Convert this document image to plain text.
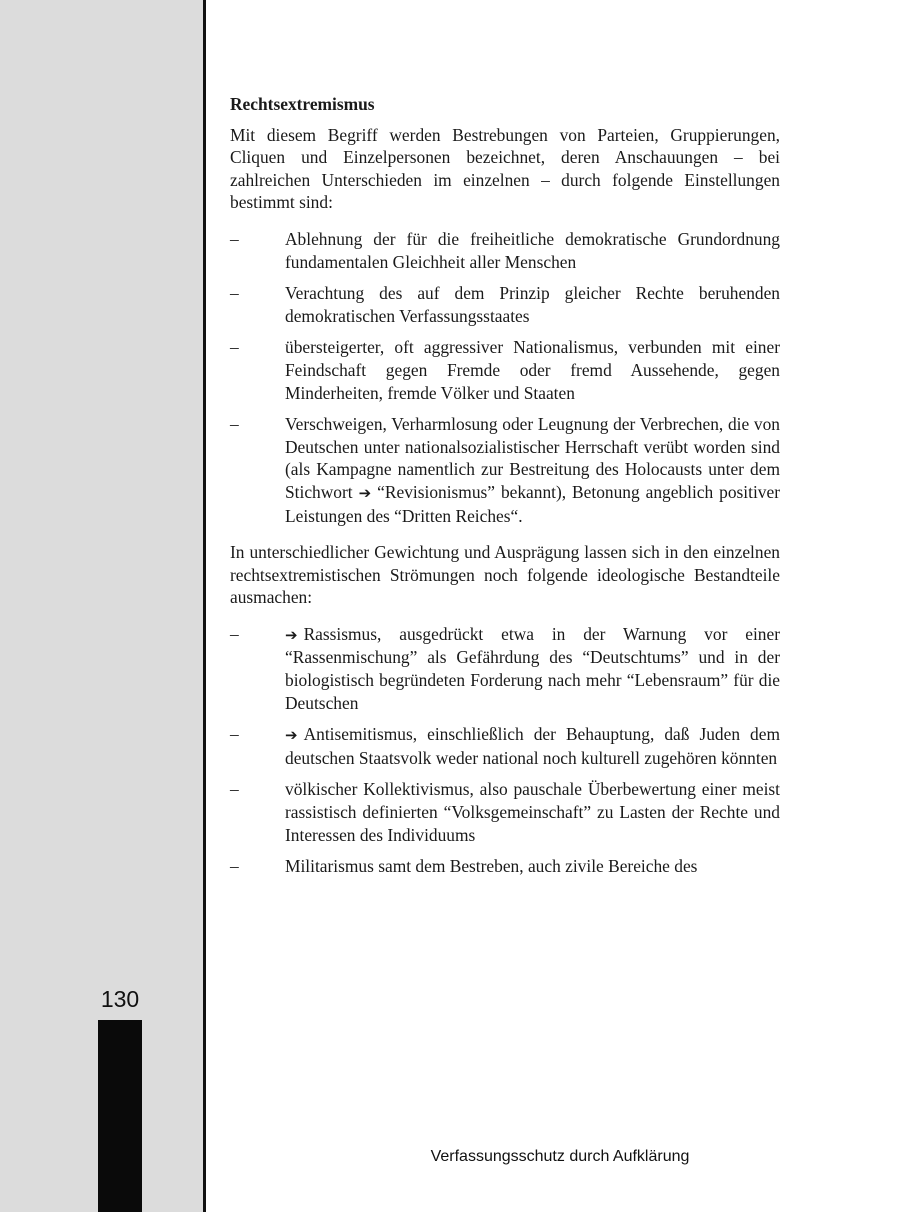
130
Rechtsextremismus

Mit diesem Begriff werden Bestrebungen von Parteien, Gruppierungen, Cliquen und Einzelpersonen bezeichnet, deren Anschauungen – bei zahlreichen Unterschieden im einzelnen – durch folgende Einstellungen bestimmt sind:

–	Ablehnung der für die freiheitliche demokratische Grundordnung fundamentalen Gleichheit aller Menschen
–	Verachtung des auf dem Prinzip gleicher Rechte beruhenden demokratischen Verfassungsstaates
–	übersteigerter, oft aggressiver Nationalismus, verbunden mit einer Feindschaft gegen Fremde oder fremd Aussehende, gegen Minderheiten, fremde Völker und Staaten
–	Verschweigen, Verharmlosung oder Leugnung der Verbrechen, die von Deutschen unter nationalsozialistischer Herrschaft verübt worden sind (als Kampagne namentlich zur Bestreitung des Holocausts unter dem Stichwort ➔ “Revisionismus” bekannt), Betonung angeblich positiver Leistungen des “Dritten Reiches“.

In unterschiedlicher Gewichtung und Ausprägung lassen sich in den einzelnen rechtsextremistischen Strömungen noch folgende ideologische Bestandteile ausmachen:

–	➔ Rassismus, ausgedrückt etwa in der Warnung vor einer “Rassenmischung” als Gefährdung des “Deutschtums” und in der biologistisch begründeten Forderung nach mehr “Lebensraum” für die Deutschen
–	➔ Antisemitismus, einschließlich der Behauptung, daß Juden dem deutschen Staatsvolk weder national noch kulturell zugehören könnten
–	völkischer Kollektivismus, also pauschale Überbewertung einer meist rassistisch definierten “Volksgemeinschaft” zu Lasten der Rechte und Interessen des Individuums
–	Militarismus samt dem Bestreben, auch zivile Bereiche des
Verfassungsschutz durch Aufklärung
